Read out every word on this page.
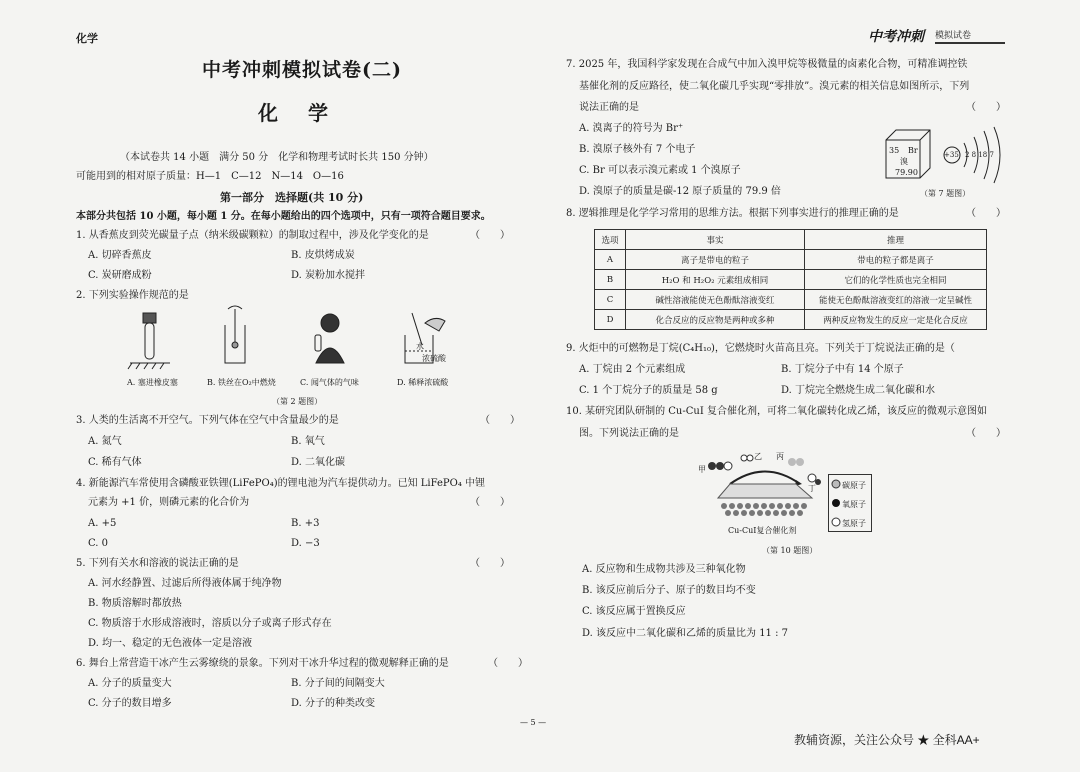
化学	中考冲刺 模拟试卷
中考冲刺模拟试卷(二)
化学
（本试卷共 14 小题　满分 50 分　化学和物理考试时长共 150 分钟）
可能用到的相对原子质量：H—1　C—12　N—14　O—16
第一部分　选择题(共 10 分)
本部分共包括 10 小题，每小题 1 分。在每小题给出的四个选项中，只有一项符合题目要求。
1. 从香蕉皮到荧光碳量子点（纳米级碳颗粒）的制取过程中，涉及化学变化的是	（　　）
A. 切碎香蕉皮	B. 皮烘烤成炭
C. 炭研磨成粉	D. 炭粉加水搅拌
2. 下列实验操作规范的是
水
浓硫酸
A. 塞进橡皮塞	B. 铁丝在O₂中燃烧	C. 闻气体的气味	D. 稀释浓硫酸
（第 2 题图）
3. 人类的生活离不开空气。下列气体在空气中含量最少的是	（　　）
A. 氮气	B. 氧气
C. 稀有气体	D. 二氧化碳
4. 新能源汽车常使用含磷酸亚铁锂(LiFePO₄)的锂电池为汽车提供动力。已知 LiFePO₄ 中锂
元素为 +1 价，则磷元素的化合价为	（　　）
A. +5	B. +3
C. 0	D. −3
5. 下列有关水和溶液的说法正确的是	（　　）
A. 河水经静置、过滤后所得液体属于纯净物
B. 物质溶解时都放热
C. 物质溶于水形成溶液时，溶质以分子或离子形式存在
D. 均一、稳定的无色液体一定是溶液
6. 舞台上常营造干冰产生云雾缭绕的景象。下列对干冰升华过程的微观解释正确的是	（　　）
A. 分子的质量变大	B. 分子间的间隔变大
C. 分子的数目增多	D. 分子的种类改变
— 5 —
7. 2025 年，我国科学家发现在合成气中加入溴甲烷等极微量的卤素化合物，可精准调控铁
基催化剂的反应路径，使二氧化碳几乎实现“零排放”。溴元素的相关信息如图所示，下列
说法正确的是	（　　）
A. 溴离子的符号为 Br⁺
B. 溴原子核外有 7 个电子
C. Br 可以表示溴元素或 1 个溴原子
D. 溴原子的质量是碳-12 原子质量的 79.9 倍
35 Br
溴
79.90
+35 2 8 18 7
（第 7 题图）
8. 逻辑推理是化学学习常用的思维方法。根据下列事实进行的推理正确的是	（　　）
选项	事实	推理
A	离子是带电的粒子	带电的粒子都是离子
B	H₂O 和 H₂O₂ 元素组成相同	它们的化学性质也完全相同
C	碱性溶液能使无色酚酞溶液变红	能使无色酚酞溶液变红的溶液一定呈碱性
D	化合反应的反应物是两种或多种	两种反应物发生的反应一定是化合反应
9. 火炬中的可燃物是丁烷(C₄H₁₀)，它燃烧时火苗高且亮。下列关于丁烷说法正确的是（
A. 丁烷由 2 个元素组成	B. 丁烷分子中有 14 个原子
C. 1 个丁烷分子的质量是 58 g	D. 丁烷完全燃烧生成二氧化碳和水
10. 某研究团队研制的 Cu-CuI 复合催化剂，可将二氧化碳转化成乙烯，该反应的微观示意图如
图。下列说法正确的是	（　　）
甲
乙 丙
丁
Cu-CuI复合催化剂
碳原子
氧原子
氢原子
（第 10 题图）
A. 反应物和生成物共涉及三种氧化物
B. 该反应前后分子、原子的数目均不变
C. 该反应属于置换反应
D. 该反应中二氧化碳和乙烯的质量比为 11 : 7
教辅资源，关注公众号 ★ 全科AA+
